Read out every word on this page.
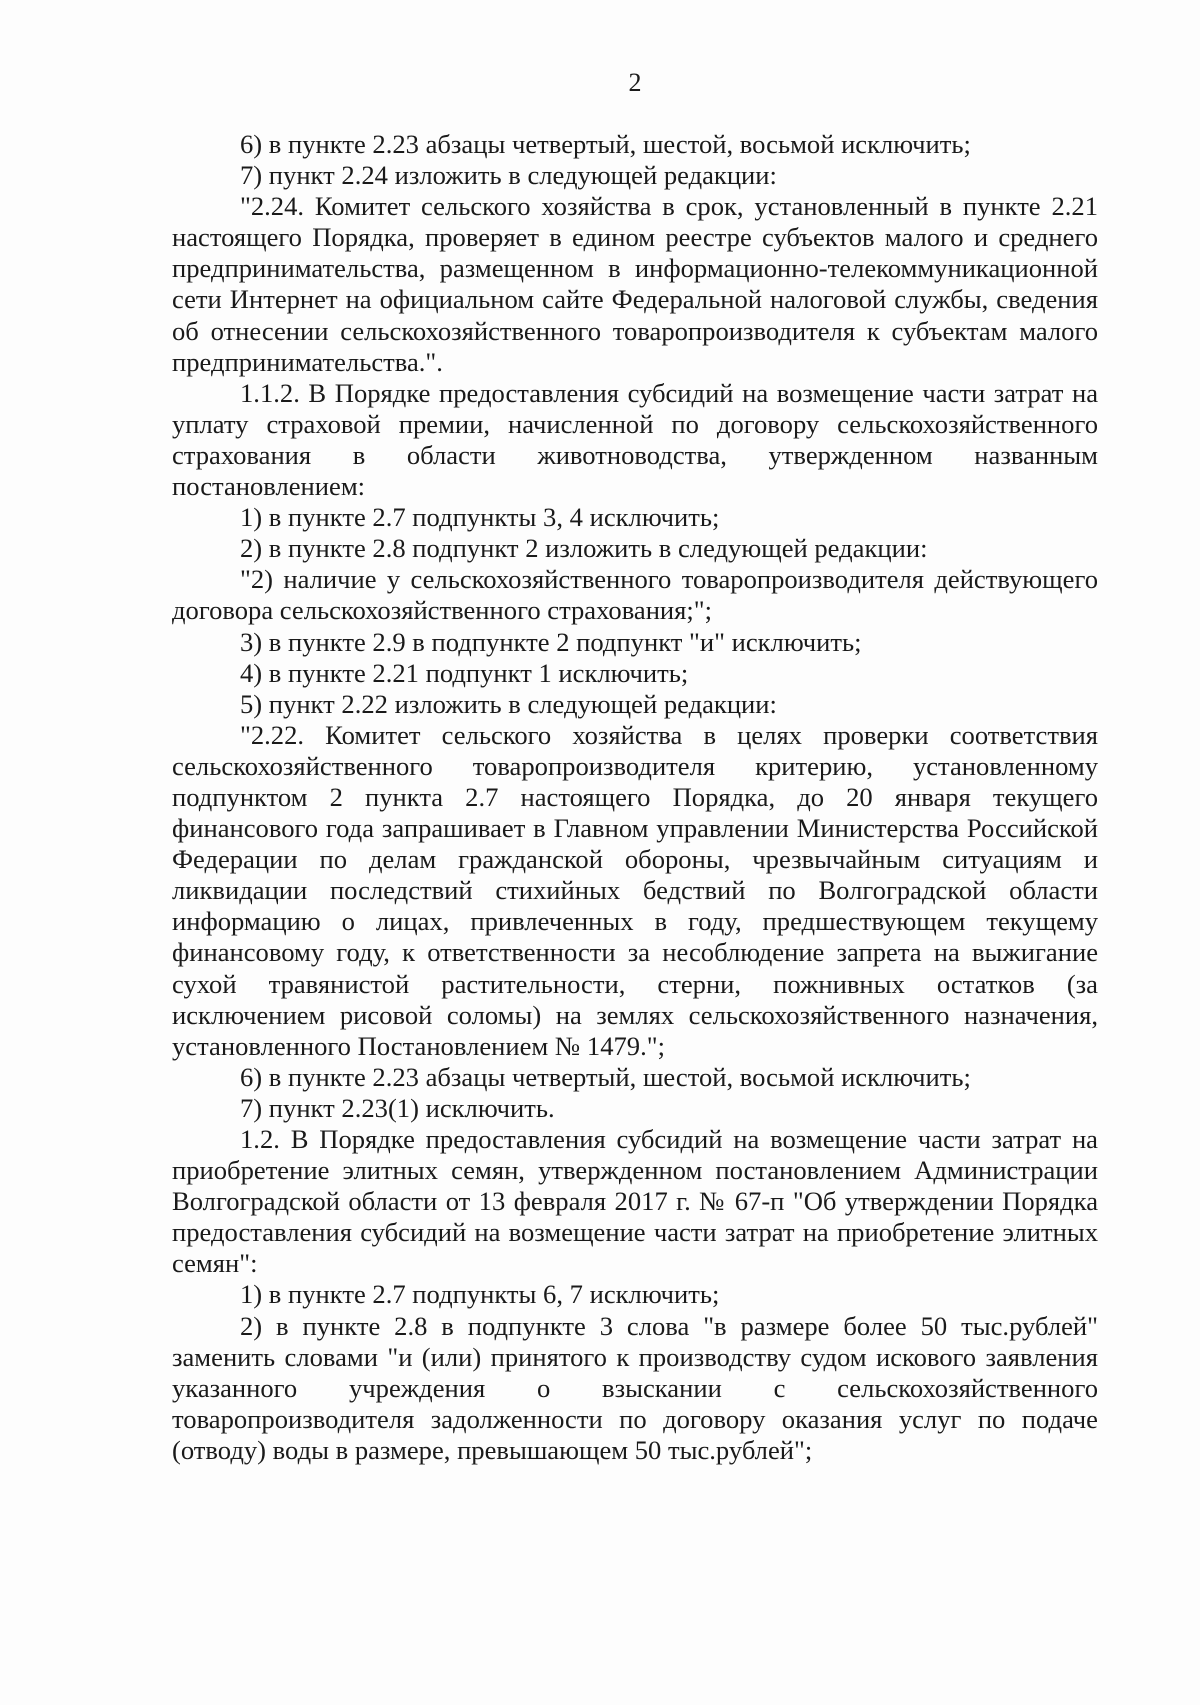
2

6) в пункте 2.23 абзацы четвертый, шестой, восьмой исключить;

7) пункт 2.24 изложить в следующей редакции:

"2.24. Комитет сельского хозяйства в срок, установленный в пункте 2.21 настоящего Порядка, проверяет в едином реестре субъектов малого и среднего предпринимательства, размещенном в информационно-телекоммуникационной сети Интернет на официальном сайте Федеральной налоговой службы, сведения об отнесении сельскохозяйственного товаропроизводителя к субъектам малого предпринимательства.".

1.1.2. В Порядке предоставления субсидий на возмещение части затрат на уплату страховой премии, начисленной по договору сельскохозяйственного страхования в области животноводства, утвержденном названным постановлением:

1) в пункте 2.7 подпункты 3, 4 исключить;

2) в пункте 2.8 подпункт 2 изложить в следующей редакции:

"2) наличие у сельскохозяйственного товаропроизводителя действующего договора сельскохозяйственного страхования;";

3) в пункте 2.9 в подпункте 2 подпункт "и" исключить;

4) в пункте 2.21 подпункт 1 исключить;

5) пункт 2.22 изложить в следующей редакции:

"2.22. Комитет сельского хозяйства в целях проверки соответствия сельскохозяйственного товаропроизводителя критерию, установленному подпунктом 2 пункта 2.7 настоящего Порядка, до 20 января текущего финансового года запрашивает в Главном управлении Министерства Российской Федерации по делам гражданской обороны, чрезвычайным ситуациям и ликвидации последствий стихийных бедствий по Волгоградской области информацию о лицах, привлеченных в году, предшествующем текущему финансовому году, к ответственности за несоблюдение запрета на выжигание сухой травянистой растительности, стерни, пожнивных остатков (за исключением рисовой соломы) на землях сельскохозяйственного назначения, установленного Постановлением № 1479.";

6) в пункте 2.23 абзацы четвертый, шестой, восьмой исключить;

7) пункт 2.23(1) исключить.

1.2. В Порядке предоставления субсидий на возмещение части затрат на приобретение элитных семян, утвержденном постановлением Администрации Волгоградской области от 13 февраля 2017 г. № 67-п "Об утверждении Порядка предоставления субсидий на возмещение части затрат на приобретение элитных семян":

1) в пункте 2.7 подпункты 6, 7 исключить;

2) в пункте 2.8 в подпункте 3 слова "в размере более 50 тыс.рублей" заменить словами "и (или) принятого к производству судом искового заявления указанного учреждения о взыскании с сельскохозяйственного товаропроизводителя задолженности по договору оказания услуг по подаче (отводу) воды в размере, превышающем 50 тыс.рублей";
